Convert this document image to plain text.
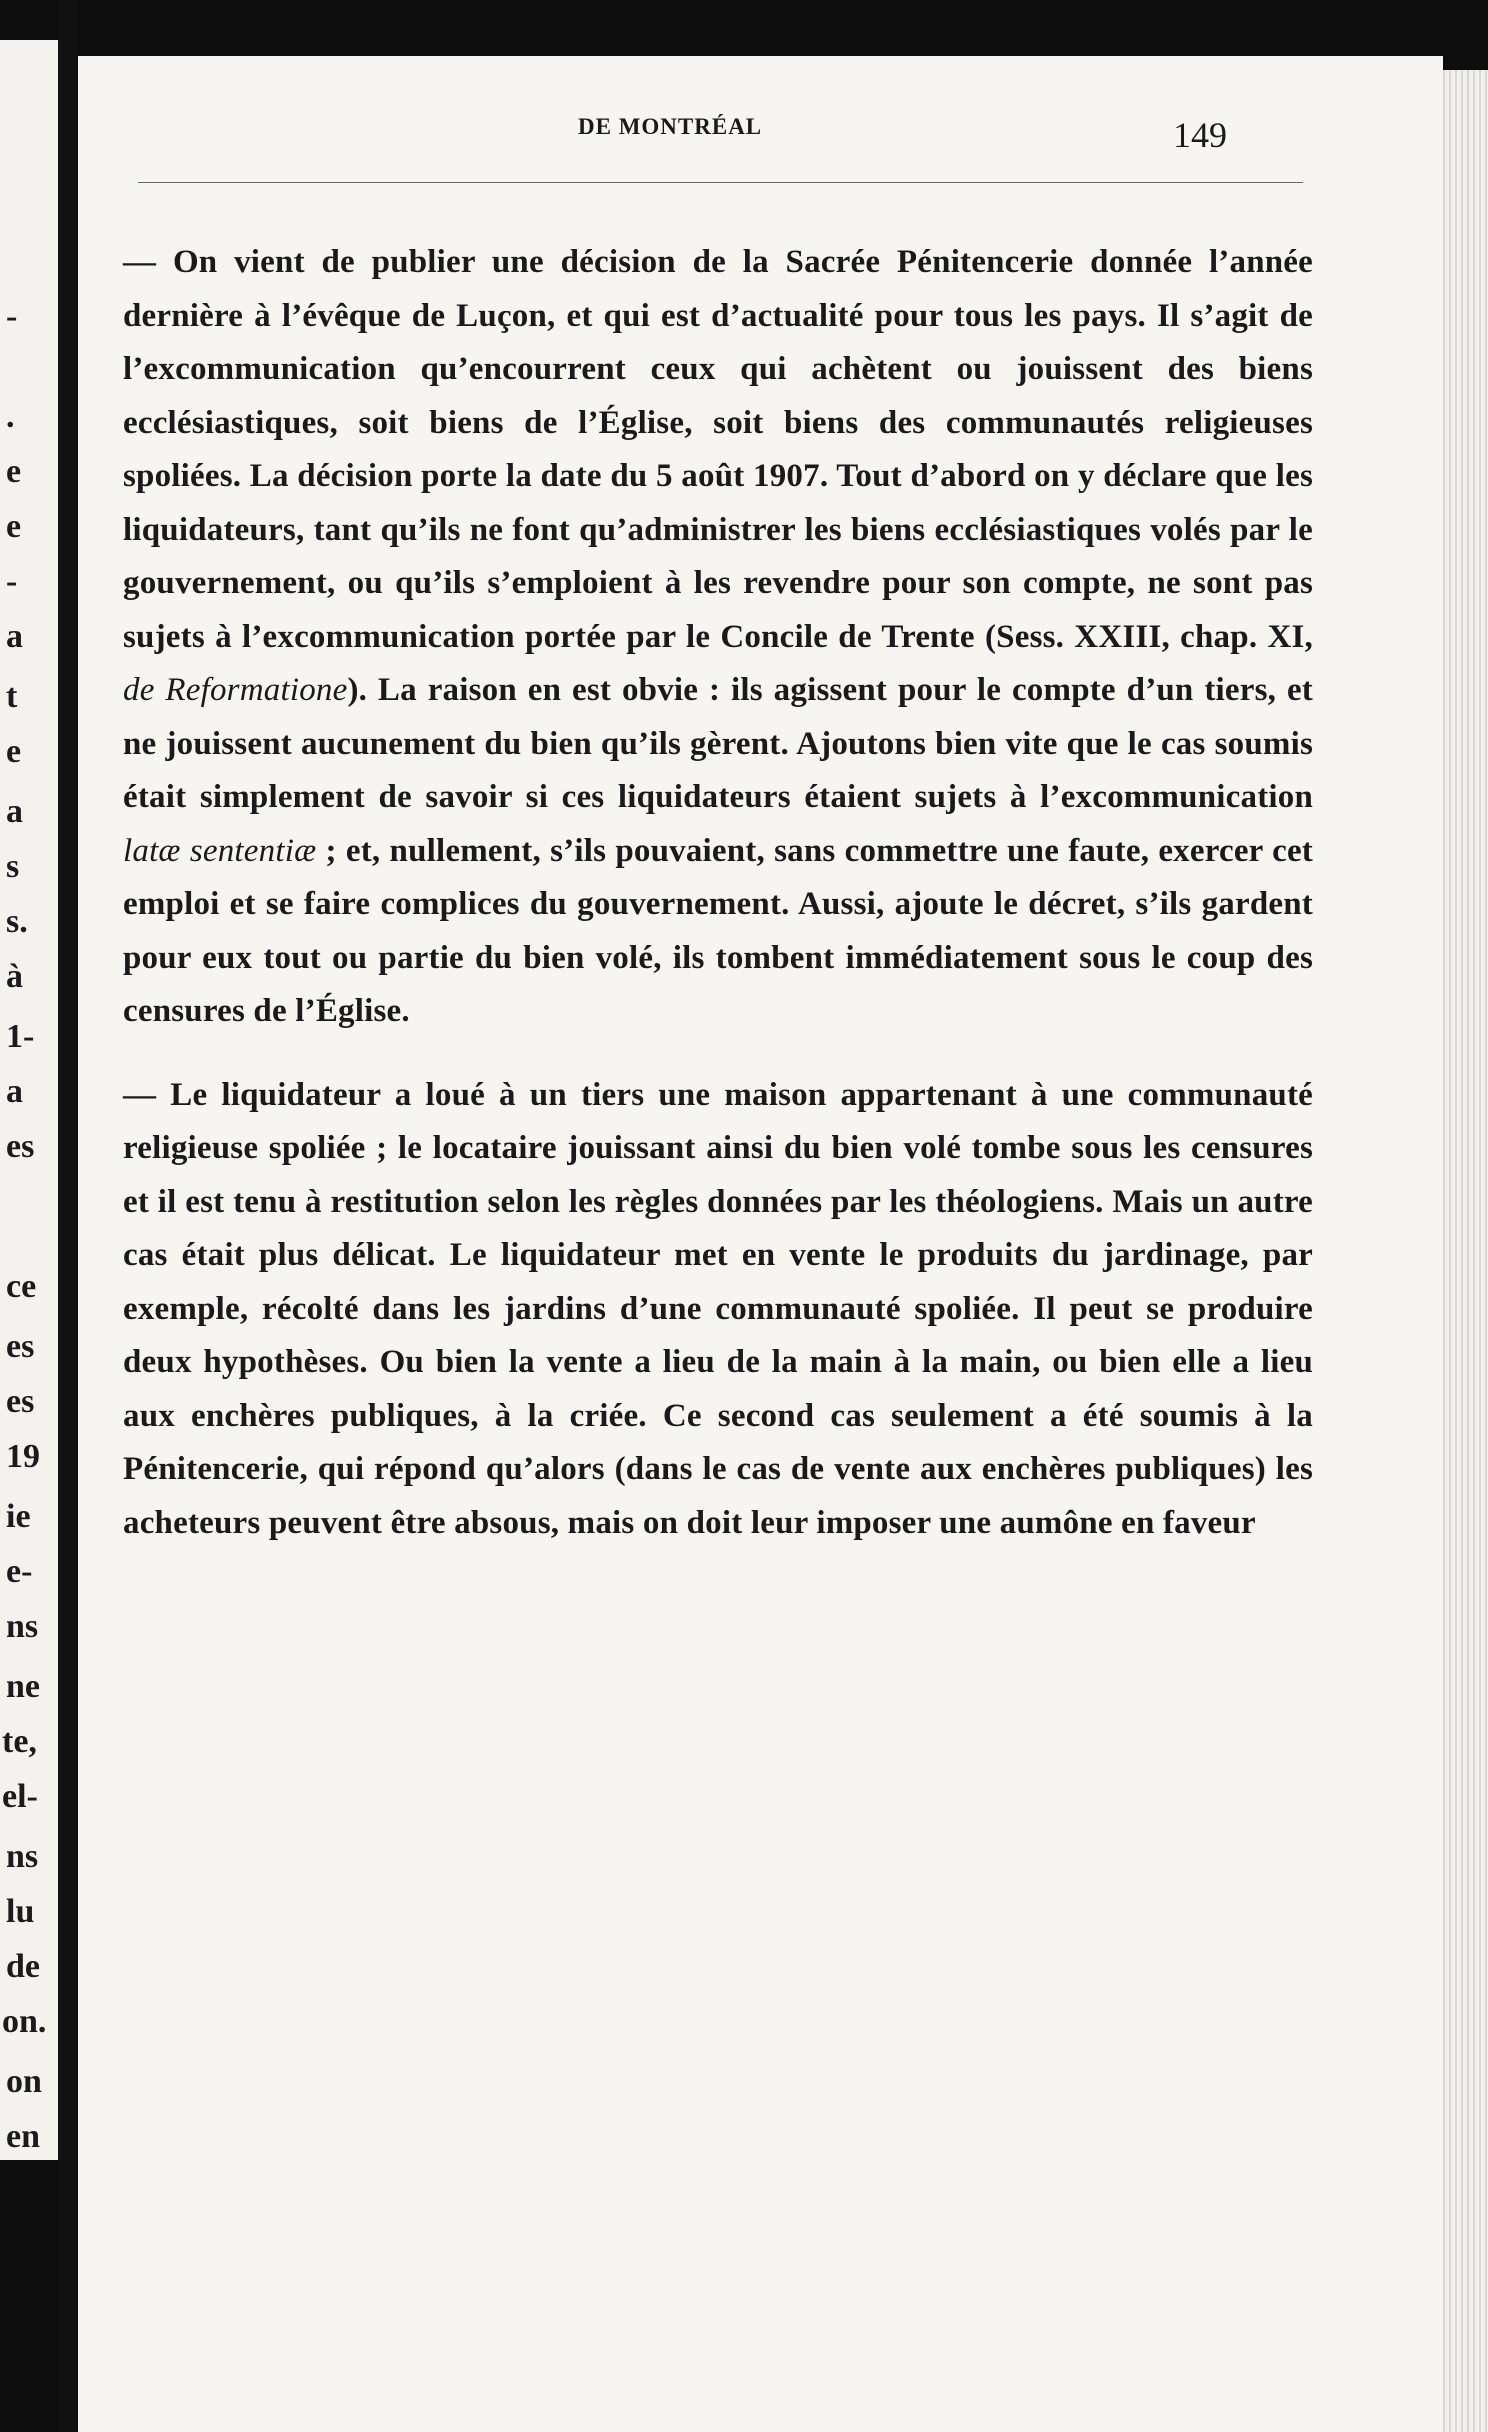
-
.
e
e
-
a
t
e
a
s
s.
à
1-
a
es
ce
es
es
19
ie
e-
ns
ne
te,
el-
ns
lu
de
on.
on
en
DE MONTRÉAL	149

— On vient de publier une décision de la Sacrée Pénitencerie donnée l’année dernière à l’évêque de Luçon, et qui est d’actualité pour tous les pays. Il s’agit de l’excommunication qu’encourrent ceux qui achètent ou jouissent des biens ecclésiastiques, soit biens de l’Église, soit biens des communautés religieuses spoliées. La décision porte la date du 5 août 1907. Tout d’abord on y déclare que les liquidateurs, tant qu’ils ne font qu’administrer les biens ecclésiastiques volés par le gouvernement, ou qu’ils s’emploient à les revendre pour son compte, ne sont pas sujets à l’excommunication portée par le Concile de Trente (Sess. XXIII, chap. XI, de Reformatione). La raison en est obvie : ils agissent pour le compte d’un tiers, et ne jouissent aucunement du bien qu’ils gèrent. Ajoutons bien vite que le cas soumis était simplement de savoir si ces liquidateurs étaient sujets à l’excommunication latæ sententiæ ; et, nullement, s’ils pouvaient, sans commettre une faute, exercer cet emploi et se faire complices du gouvernement. Aussi, ajoute le décret, s’ils gardent pour eux tout ou partie du bien volé, ils tombent immédiatement sous le coup des censures de l’Église.

— Le liquidateur a loué à un tiers une maison appartenant à une communauté religieuse spoliée ; le locataire jouissant ainsi du bien volé tombe sous les censures et il est tenu à restitution selon les règles données par les théologiens. Mais un autre cas était plus délicat. Le liquidateur met en vente le produits du jardinage, par exemple, récolté dans les jardins d’une communauté spoliée. Il peut se produire deux hypothèses. Ou bien la vente a lieu de la main à la main, ou bien elle a lieu aux enchères publiques, à la criée. Ce second cas seulement a été soumis à la Pénitencerie, qui répond qu’alors (dans le cas de vente aux enchères publiques) les acheteurs peuvent être absous, mais on doit leur imposer une aumône en faveur
